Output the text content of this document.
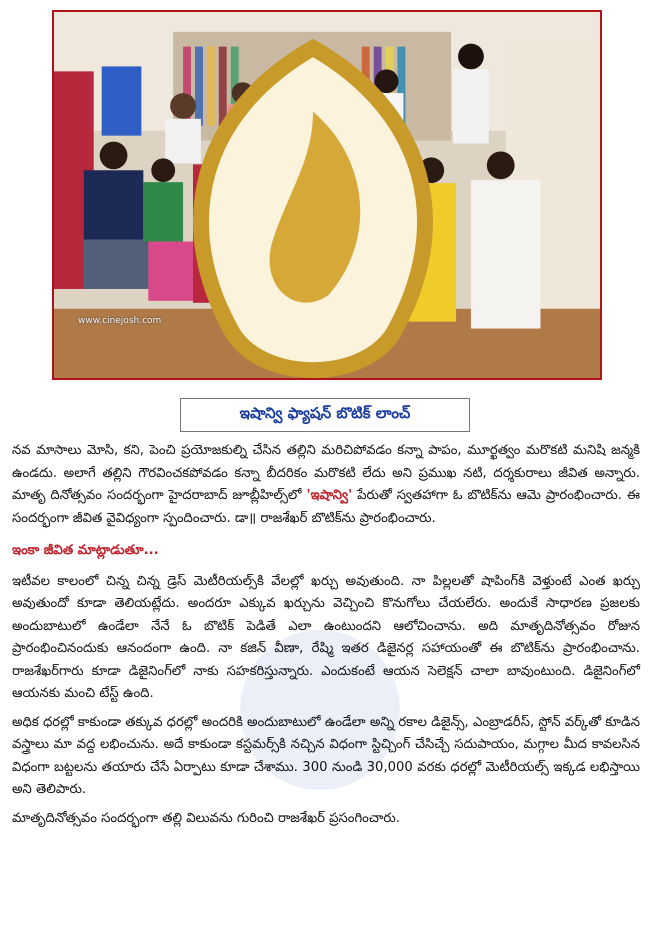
www.cinejosh.com
ఇషాన్వి ఫ్యాషన్ బొటిక్ లాంచ్

నవ మాసాలు మోసి, కని, పెంచి ప్రయోజకుల్ని చేసిన తల్లిని మరిచిపోవడం కన్నా పాపం, మూర్ఖత్వం మరొకటి మనిషి జన్మకి ఉండదు. అలాగే తల్లిని గౌరవించకపోవడం కన్నా బీదరికం మరొకటి లేదు అని ప్రముఖ నటి, దర్శకురాలు జీవిత అన్నారు. మాతృ దినోత్సవం సందర్భంగా హైదరాబాద్ జూబ్లీహిల్స్‌లో 'ఇషాన్వి' పేరుతో స్వతహాగా ఓ బొటిక్‌ను ఆమె ప్రారంభించారు. ఈ సందర్భంగా జీవిత వైవిధ్యంగా స్పందించారు. డా॥ రాజశేఖర్ బొటిక్‌ను ప్రారంభించారు.

ఇంకా జీవిత మాట్లాడుతూ...

ఇటీవల కాలంలో చిన్న చిన్న డ్రెస్ మెటీరియల్స్‌కి వేలల్లో ఖర్చు అవుతుంది. నా పిల్లలతో షాపింగ్‌కి వెళ్తుంటే ఎంత ఖర్చు అవుతుందో కూడా తెలియట్లేదు. అందరూ ఎక్కువ ఖర్చును వెచ్చించి కొనుగోలు చేయలేరు. అందుకే సాధారణ ప్రజలకు అందుబాటులో ఉండేలా నేనే ఓ బొటిక్ పెడితే ఎలా ఉంటుందని ఆలోచించాను. అది మాతృదినోత్సవం రోజున ప్రారంభించినందుకు ఆనందంగా ఉంది. నా కజిన్ వీణా, రేష్మి ఇతర డిజైనర్ల సహాయంతో ఈ బొటిక్‌ను ప్రారంభించాను. రాజశేఖర్‌గారు కూడా డిజైనింగ్‌లో నాకు సహకరిస్తున్నారు. ఎందుకంటే ఆయన సెలెక్షన్ చాలా బావుంటుంది. డిజైనింగ్‌లో ఆయనకు మంచి టేస్ట్ ఉంది.

అధిక ధరల్లో కాకుండా తక్కువ ధరల్లో అందరికి అందుబాటులో ఉండేలా అన్ని రకాల డిజైన్స్, ఎంబ్రాడరీస్, స్టోన్ వర్క్‌తో కూడిన వస్త్రాలు మా వద్ద లభించును. అదే కాకుండా కస్టమర్స్‌కి నచ్చిన విధంగా స్టిచ్చింగ్ చేసిచ్చే సదుపాయం, మగ్గాల మీద కావలసిన విధంగా బట్టలను తయారు చేసే ఏర్పాటు కూడా చేశాము. 300 నుండి 30,000 వరకు ధరల్లో మెటీరియల్స్ ఇక్కడ లభిస్తాయి అని తెలిపారు.

మాతృదినోత్సవం సందర్భంగా తల్లి విలువను గురించి రాజశేఖర్ ప్రసంగించారు.
